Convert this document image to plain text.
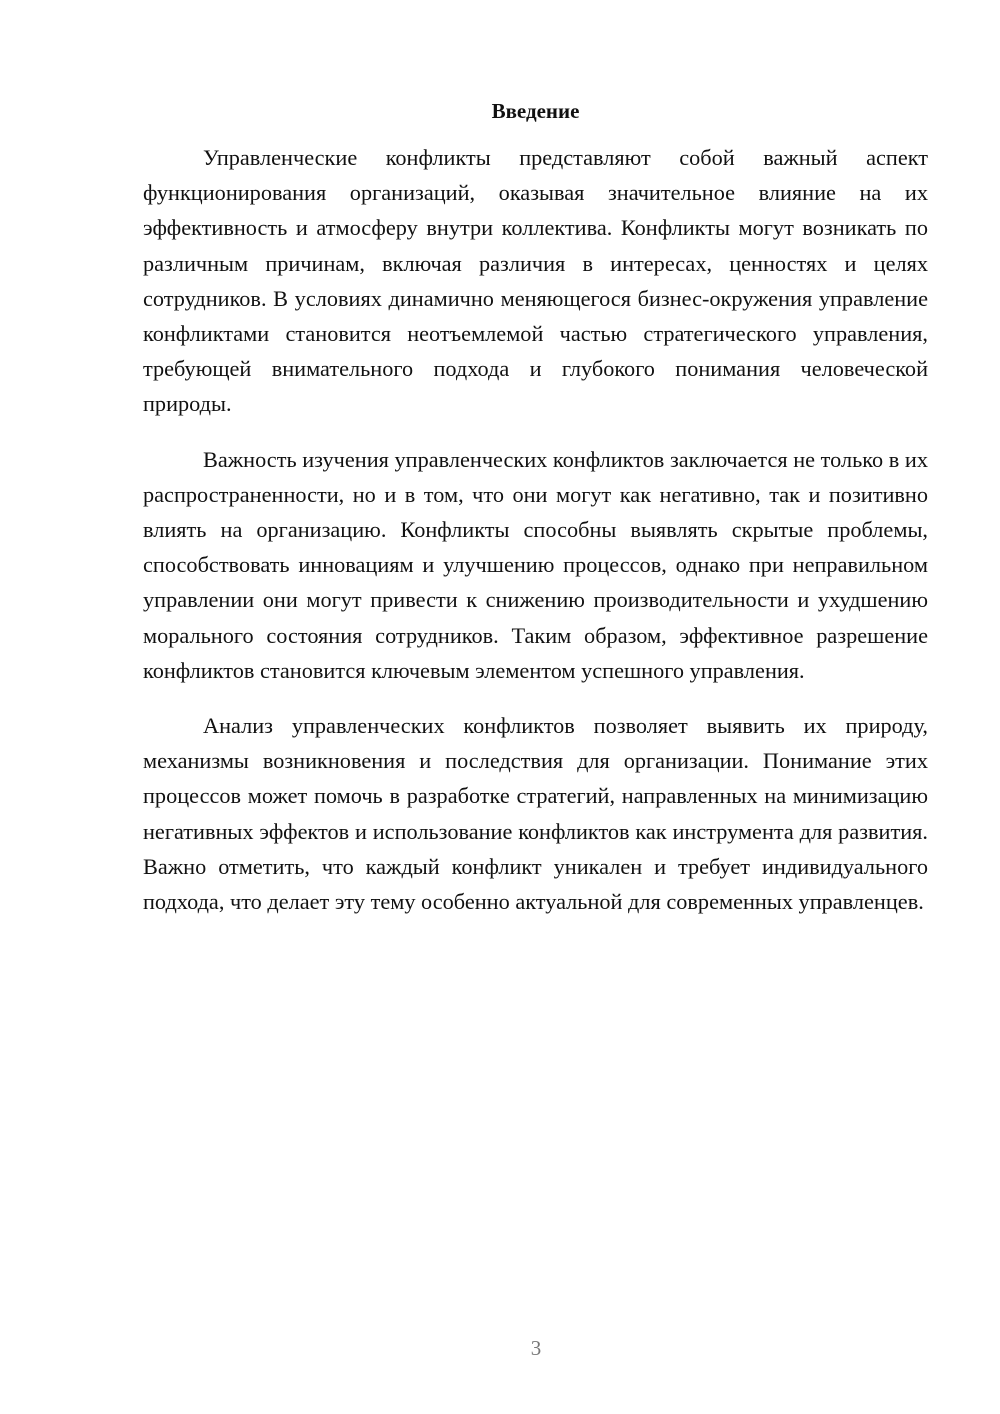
Введение

Управленческие конфликты представляют собой важный аспект функционирования организаций, оказывая значительное влияние на их эффективность и атмосферу внутри коллектива. Конфликты могут возникать по различным причинам, включая различия в интересах, ценностях и целях сотрудников. В условиях динамично меняющегося бизнес-окружения управление конфликтами становится неотъемлемой частью стратегического управления, требующей внимательного подхода и глубокого понимания человеческой природы.

Важность изучения управленческих конфликтов заключается не только в их распространенности, но и в том, что они могут как негативно, так и позитивно влиять на организацию. Конфликты способны выявлять скрытые проблемы, способствовать инновациям и улучшению процессов, однако при неправильном управлении они могут привести к снижению производительности и ухудшению морального состояния сотрудников. Таким образом, эффективное разрешение конфликтов становится ключевым элементом успешного управления.

Анализ управленческих конфликтов позволяет выявить их природу, механизмы возникновения и последствия для организации. Понимание этих процессов может помочь в разработке стратегий, направленных на минимизацию негативных эффектов и использование конфликтов как инструмента для развития. Важно отметить, что каждый конфликт уникален и требует индивидуального подхода, что делает эту тему особенно актуальной для современных управленцев.

3
